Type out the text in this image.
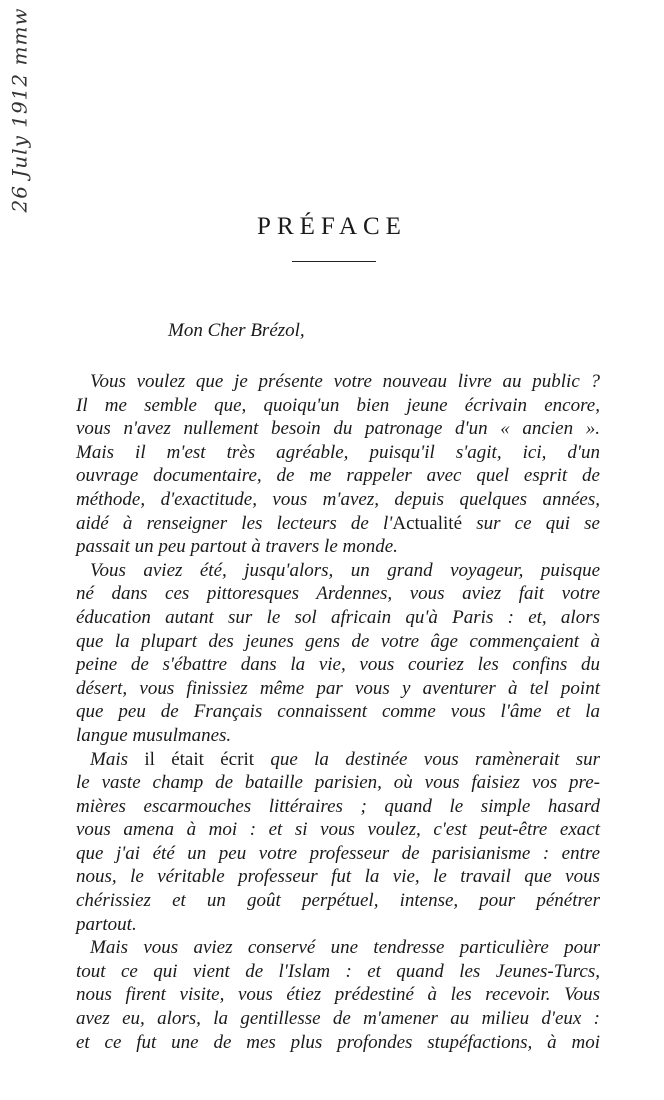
26 July 1912 mmw
PRÉFACE
Mon Cher Brézol,
Vous voulez que je présente votre nouveau livre au public ?
Il me semble que, quoiqu'un bien jeune écrivain encore,
vous n'avez nullement besoin du patronage d'un « ancien ».
Mais il m'est très agréable, puisqu'il s'agit, ici, d'un
ouvrage documentaire, de me rappeler avec quel esprit de
méthode, d'exactitude, vous m'avez, depuis quelques années,
aidé à renseigner les lecteurs de l'Actualité sur ce qui se
passait un peu partout à travers le monde.
Vous aviez été, jusqu'alors, un grand voyageur, puisque
né dans ces pittoresques Ardennes, vous aviez fait votre
éducation autant sur le sol africain qu'à Paris : et, alors
que la plupart des jeunes gens de votre âge commençaient à
peine de s'ébattre dans la vie, vous couriez les confins du
désert, vous finissiez même par vous y aventurer à tel point
que peu de Français connaissent comme vous l'âme et la
langue musulmanes.
Mais il était écrit que la destinée vous ramènerait sur
le vaste champ de bataille parisien, où vous faisiez vos pre-
mières escarmouches littéraires ; quand le simple hasard
vous amena à moi : et si vous voulez, c'est peut-être exact
que j'ai été un peu votre professeur de parisianisme : entre
nous, le véritable professeur fut la vie, le travail que vous
chérissiez et un goût perpétuel, intense, pour pénétrer
partout.
Mais vous aviez conservé une tendresse particulière pour
tout ce qui vient de l'Islam : et quand les Jeunes-Turcs,
nous firent visite, vous étiez prédestiné à les recevoir. Vous
avez eu, alors, la gentillesse de m'amener au milieu d'eux :
et ce fut une de mes plus profondes stupéfactions, à moi
